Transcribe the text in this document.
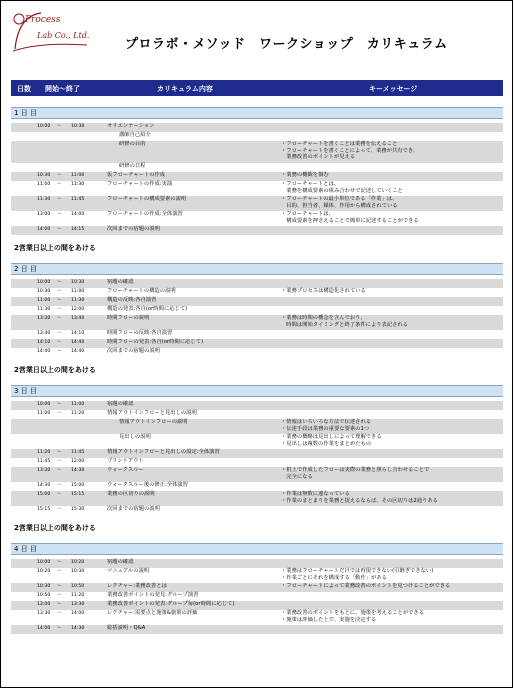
Process
Lab Co., Ltd.
プロラボ・メソッド　ワークショップ　カリキュラム
日数 開始～終了	カリキュラム内容	キーメッセージ
1 日 目
10:00 ～ 10:30	オリエンテーション
講師自己紹介
研修の目的	・フローチャートを書くことは業務を伝えること
・フローチャートを書くことによって、業務が共有でき、
　業務改善のポイントが見える
研修の日程
10:30 ～ 11:00	仮フローチャートの作成	・業務の概観を掴む
11:00 ～ 11:30	フローチャートの作成:実演	・フローチャートとは、
　業務を構成要素の組み合わせで記述していくこと
11:30 ～ 11:45	フローチャートの構成要素の説明	・フローチャートの最小単位である「作業」は、
　目的、担当者、媒体、作用から構成されている
13:00 ～ 14:00	フローチャートの作成:全体演習	・フローチャートは、
　構成要素を押さえることで簡単に記述することができる
14:00 ～ 14:15	次回までの宿題の説明
2営業日以上の間をあける
2 日 目
10:00 ～ 10:30	宿題の確認
10:30 ～ 11:00	フローチャートの構造の説明	・業務プロセスは構造化されている
11:00 ～ 11:30	構造の反映:各自演習
11:30 ～ 12:00	構造の発表:各自(or時間に応じて)
13:30 ～ 13:40	時間フローの説明	・業務は時間の概念を含んでおり、
　時間は開始タイミングと終了条件により表記される
13:40 ～ 14:10	時間フローの反映:各自演習
14:10 ～ 14:40	時間フローの発表:各自(or時間に応じて)
14:40 ～ 14:40	次回までの宿題の説明
2営業日以上の間をあける
3 日 目
10:00 ～ 11:00	宿題の確認
11:00 ～ 11:20	情報アウトインフローと見出しの説明
情報アウトインフローの説明	・情報はいろいろな方法で伝達される
・伝達手段は業務の重要な要素の1つ
見出しの説明	・業務の概略は見出しによって理解できる
・見出しは複数の作業をまとめたもの
11:20 ～ 11:45	情報アウトインフローと見出しの設定:全体演習
11:45 ～ 12:00	プリントアウト
13:30 ～ 14:30	ウォークスルー	・机上で作成したフローは実際の業務と照らし合わせることで
　完全になる
14:30 ～ 15:00	ウォークスルー後の修正:全体演習
15:00 ～ 15:15	業務の区切りの説明	・作業は無数に連なっている
・作業のまとまりを業務と捉えるならば、その区切りは2通りある
15:15 ～ 15:30	次回までの宿題の説明
2営業日以上の間をあける
4 日 目
10:00 ～ 10:20	宿題の確認
10:20 ～ 10:30	マニュアルの説明	・業務はフローチャートだけでは再現できない(引継ぎできない)
・作業ごとにそれを構成する「動作」がある
10:30 ～ 10:50	レクチャー:業務改善とは	・フローチャートによって業務改善のポイントを見つけることができる
10:50 ～ 11:20	業務改善ポイントの発見:グループ演習
13:00 ～ 13:30	業務改善ポイントの発表:グループ毎(or時間に応じて)
13:30 ～ 14:00	レクチャー:需要点と施策&施策の評価	・業務改善のポイントをもとに、施策を考えることができる
・施策は評価した上で、実施を決定する
14:00 ～ 14:30	総括説明・Q&A
